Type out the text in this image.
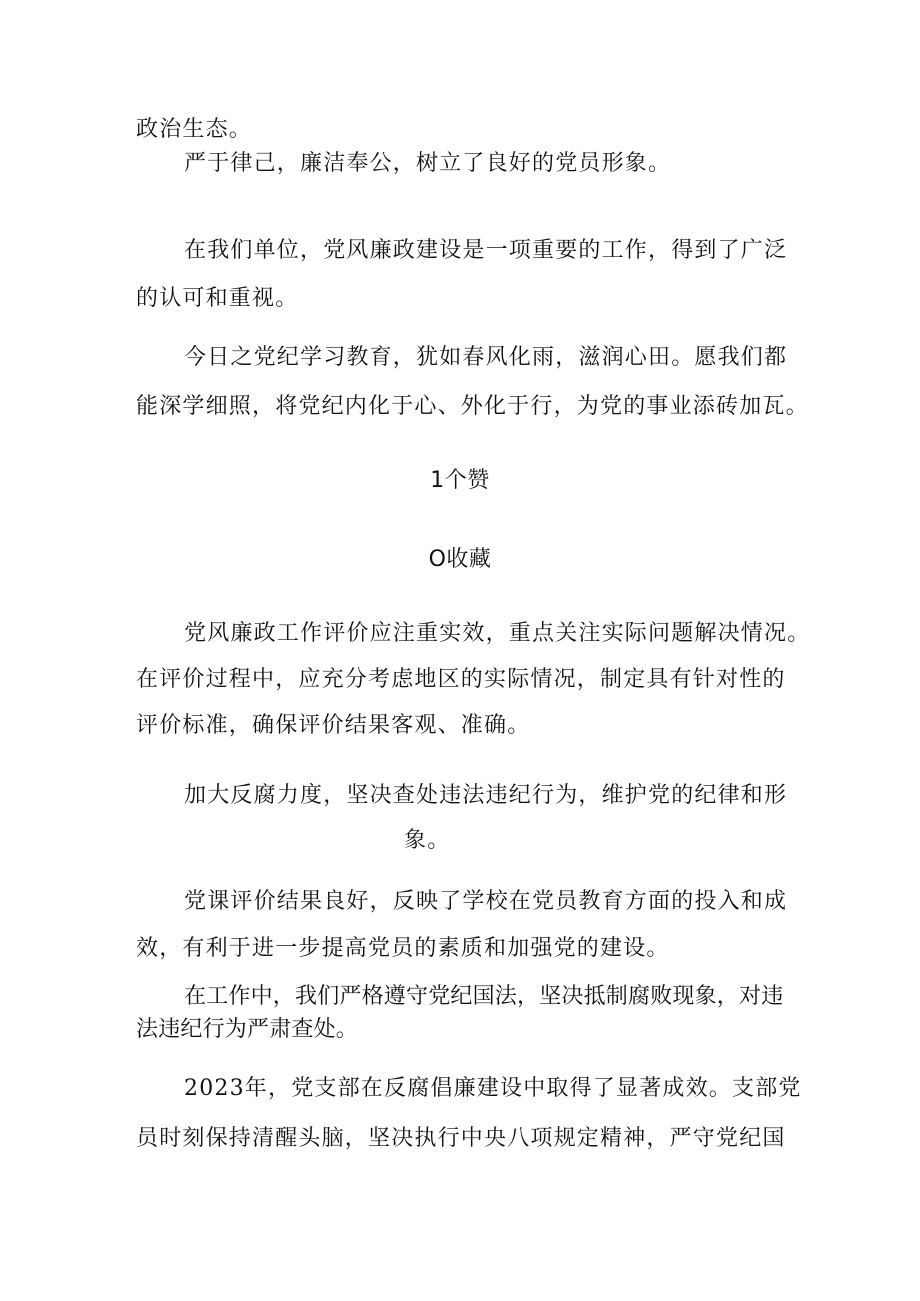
政治生态。

严于律己，廉洁奉公，树立了良好的党员形象。

在我们单位，党风廉政建设是一项重要的工作，得到了广泛

的认可和重视。

今日之党纪学习教育，犹如春风化雨，滋润心田。愿我们都

能深学细照，将党纪内化于心、外化于行，为党的事业添砖加瓦。

1个赞

O收藏

党风廉政工作评价应注重实效，重点关注实际问题解决情况。

在评价过程中，应充分考虑地区的实际情况，制定具有针对性的

评价标准，确保评价结果客观、准确。

加大反腐力度，坚决查处违法违纪行为，维护党的纪律和形

象。

党课评价结果良好，反映了学校在党员教育方面的投入和成

效，有利于进一步提高党员的素质和加强党的建设。

在工作中，我们严格遵守党纪国法，坚决抵制腐败现象，对违

法违纪行为严肃查处。

2023年，党支部在反腐倡廉建设中取得了显著成效。支部党

员时刻保持清醒头脑，坚决执行中央八项规定精神，严守党纪国
